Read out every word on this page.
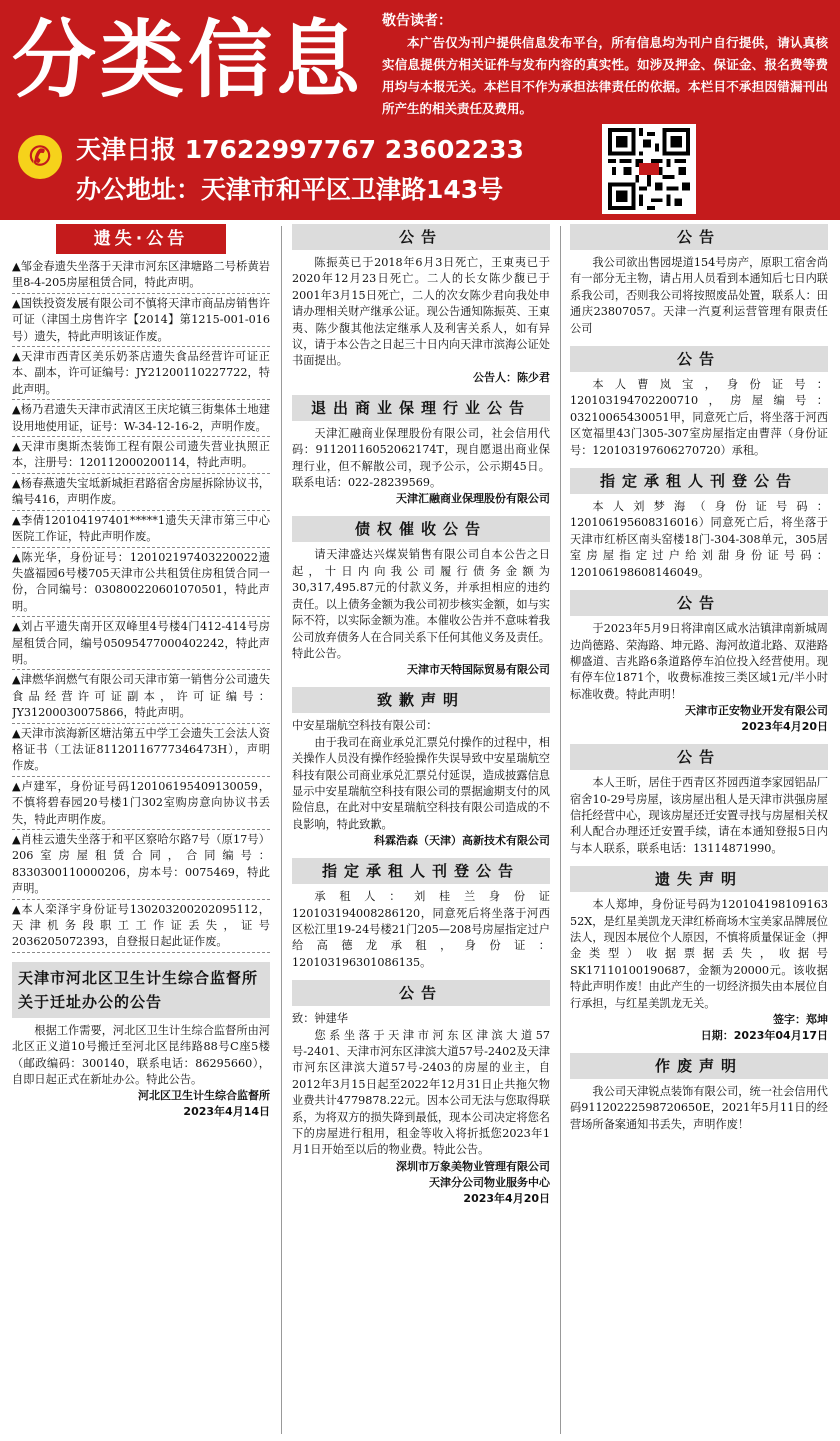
分类信息 敬告读者：
本广告仅为刊户提供信息发布平台，所有信息均为刊户自行提供，请认真核实信息提供方相关证件与发布内容的真实性。如涉及押金、保证金、报名费等费用均与本报无关。本栏目不作为承担法律责任的依据。本栏目不承担因错漏刊出所产生的相关责任及费用。
✆	天津日报 17622997767 23602233
办公地址：天津市和平区卫津路143号
遗失·公告

▲邹金春遗失坐落于天津市河东区津塘路二号桥黄岩里8-4-205房屋租赁合同，特此声明。

▲国铁投资发展有限公司不慎将天津市商品房销售许可证（津国土房售许字【2014】第1215-001-016号）遗失，特此声明该证作废。

▲天津市西青区美乐奶茶店遗失食品经营许可证正本、副本，许可证编号：JY21200110227722，特此声明。

▲杨乃君遗失天津市武清区王庆坨镇三街集体土地建设用地使用证，证号：W-34-12-16-2，声明作废。

▲天津市奥斯杰装饰工程有限公司遗失营业执照正本，注册号：120112000200114，特此声明。

▲杨春燕遗失宝坻新城拒君路宿舍房屋拆除协议书，编号416，声明作废。

▲李倩120104197401*****1遗失天津市第三中心医院工作证，特此声明作废。

▲陈光华，身份证号：120102197403220022遗失盛福园6号楼705天津市公共租赁住房租赁合同一份，合同编号：030800220601070501，特此声明。

▲刘占平遗失南开区双峰里4号楼4门412-414号房屋租赁合同，编号05095477000402242，特此声明。

▲津燃华润燃气有限公司天津市第一销售分公司遗失食品经营许可证副本，许可证编号：JY31200030075866，特此声明。

▲天津市滨海新区塘沽第五中学工会遗失工会法人资格证书（工法证81120116777346473H），声明作废。

▲卢建军，身份证号码120106195409130059，不慎将碧春园20号楼1门302室购房意向协议书丢失，特此声明作废。

▲肖桂云遗失坐落于和平区察哈尔路7号（原17号）206室房屋租赁合同，合同编号：8330300110000206，房本号：0075469，特此声明。

▲本人栾泽宇身份证号130203200202095112，天津机务段职工工作证丢失，证号2036205072393，自登报日起此证作废。

天津市河北区卫生计生综合监督所关于迁址办公的公告

根据工作需要，河北区卫生计生综合监督所由河北区正义道10号搬迁至河北区昆纬路88号C座5楼（邮政编码：300140，联系电话：86295660），自即日起正式在新址办公。特此公告。

河北区卫生计生综合监督所
2023年4月14日
公告

陈振英已于2018年6月3日死亡，王東夷已于2020年12月23日死亡。二人的长女陈少馥已于2001年3月15日死亡，二人的次女陈少君向我处申请办理相关财产继承公证。现公告通知陈振英、王東夷、陈少馥其他法定继承人及利害关系人，如有异议，请于本公告之日起三十日内向天津市滨海公证处书面提出。

公告人：陈少君
退出商业保理行业公告

天津汇融商业保理股份有限公司，社会信用代码：91120116052062174T，现自愿退出商业保理行业，但不解散公司，现予公示，公示期45日。联系电话：022-28239569。

天津汇融商业保理股份有限公司
债权催收公告

请天津盛达兴煤炭销售有限公司自本公告之日起，十日内向我公司履行债务金额为30,317,495.87元的付款义务，并承担相应的违约责任。以上债务金额为我公司初步核实金额，如与实际不符，以实际金额为准。本催收公告并不意味着我公司放弃债务人在合同关系下任何其他义务及责任。特此公告。

天津市天特国际贸易有限公司
致歉声明
中安星瑞航空科技有限公司：

由于我司在商业承兑汇票兑付操作的过程中，相关操作人员没有操作经验操作失误导致中安星瑞航空科技有限公司商业承兑汇票兑付延误，造成披露信息显示中安星瑞航空科技有限公司的票据逾期支付的风险信息，在此对中安星瑞航空科技有限公司造成的不良影响，特此致歉。

科霖浩森（天津）高新技术有限公司
指定承租人刊登公告

承租人：刘桂兰身份证120103194008286120，同意死后将坐落于河西区松江里19-24号楼21门205—208号房屋指定过户给高德龙承租，身份证：120103196301086135。

公告
致：钟建华

您系坐落于天津市河东区津滨大道57号-2401、天津市河东区津滨大道57号-2402及天津市河东区津滨大道57号-2403的房屋的业主，自2012年3月15日起至2022年12月31日止共拖欠物业费共计4779878.22元。因本公司无法与您取得联系，为将双方的损失降到最低，现本公司决定将您名下的房屋进行租用，租金等收入将折抵您2023年1月1日开始至以后的物业费。特此公告。

深圳市万象美物业管理有限公司
天津分公司物业服务中心
2023年4月20日
公告

我公司欲出售园堤道154号房产，原职工宿舍尚有一部分无主物，请占用人员看到本通知后七日内联系我公司，否则我公司将按照废品处置，联系人：田通庆23807057。天津一汽夏利运营管理有限责任公司

公告

本人曹岚宝，身份证号：120103194702200710，房屋编号：03210065430051甲，同意死亡后，将坐落于河西区宽福里43门305-307室房屋指定由曹萍（身份证号：120103197606270720）承租。

指定承租人刊登公告

本人刘梦海（身份证号码：120106195608316016）同意死亡后，将坐落于天津市红桥区南头窑楼18门-304-308单元，305居室房屋指定过户给刘甜身份证号码：120106198608146049。

公告

于2023年5月9日将津南区咸水沽镇津南新城周边尚德路、荣海路、坤元路、海河故道北路、双港路柳盛道、吉兆路6条道路停车泊位投入经营使用。现有停车位1871个，收费标准按三类区域1元/半小时标准收费。特此声明！

天津市正安物业开发有限公司
2023年4月20日
公告

本人王昕，居住于西青区芥园西道李家园铝品厂宿舍10-29号房屋，该房屋出租人是天津市洪强房屋信托经营中心，现该房屋还迁安置寻找与房屋相关权利人配合办理还迁安置手续，请在本通知登报5日内与本人联系，联系电话：13114871990。

遗失声明

本人郑坤，身份证号码为120104198109163​52X，是红星美凯龙天津红桥商场木宝美家品牌展位法人，现因本展位个人原因，不慎将质量保证金（押金类型）收据票据丢失，收据号SK171101001906​87，金额为20000元。该收据特此声明作废！由此产生的一切经济损失由本展位自行承担，与红星美凯龙无关。

签字：郑坤
日期：2023年04月17日
作废声明

我公司天津锐点装饰有限公司，统一社会信用代码91120222598720650E，2021年5月11日的经营场所备案通知书丢失，声明作废！
